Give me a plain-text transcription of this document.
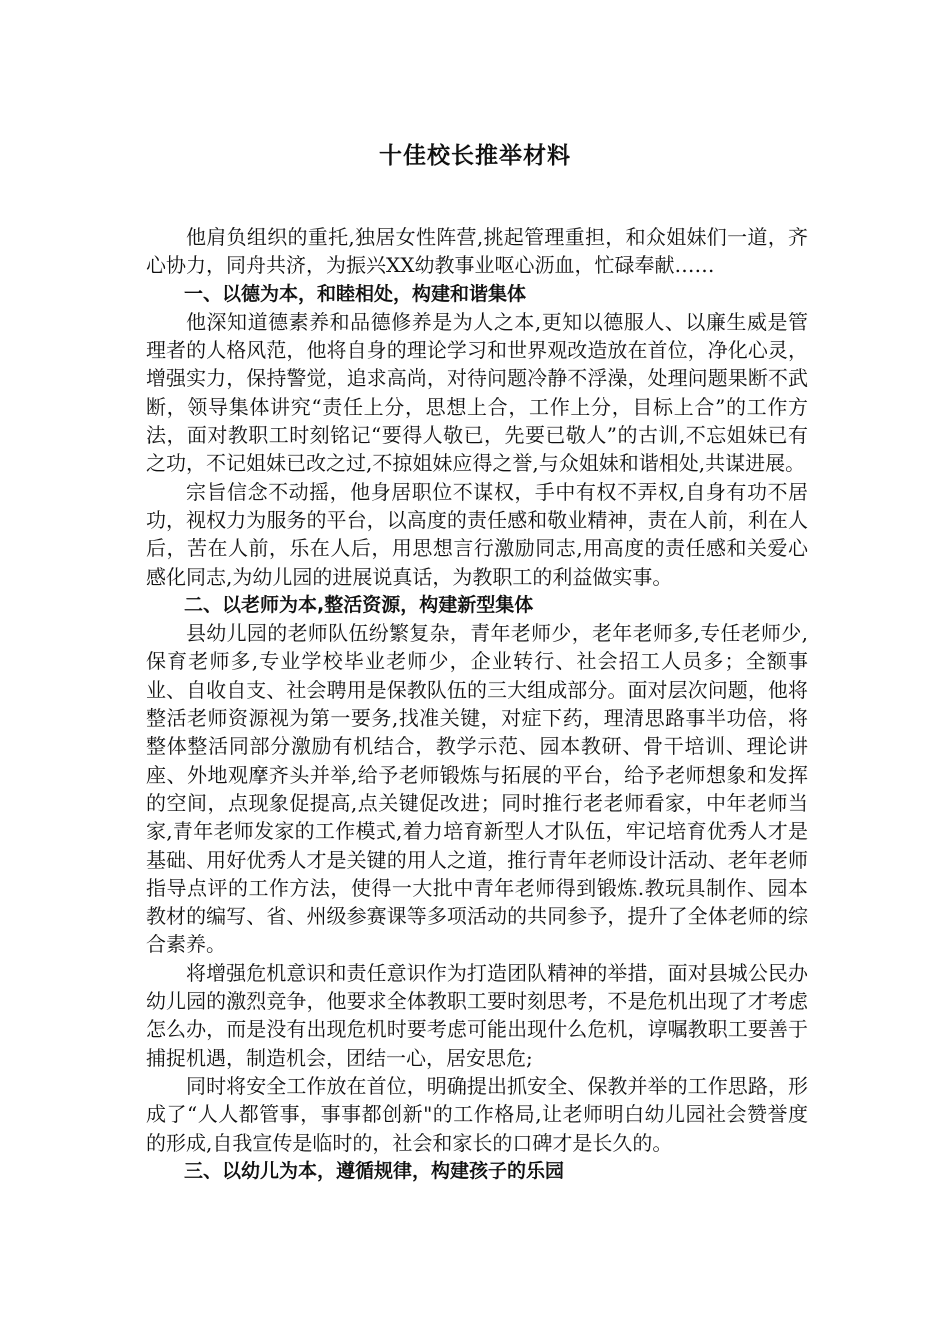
十佳校长推举材料

他肩负组织的重托,独居女性阵营,挑起管理重担，和众姐妹们一道，齐心协力，同舟共济，为振兴XX幼教事业呕心沥血，忙碌奉献……

一、以德为本，和睦相处，构建和谐集体

他深知道德素养和品德修养是为人之本,更知以德服人、以廉生威是管理者的人格风范，他将自身的理论学习和世界观改造放在首位，净化心灵，增强实力，保持警觉，追求高尚，对待问题冷静不浮澡，处理问题果断不武断，领导集体讲究“责任上分，思想上合，工作上分，目标上合”的工作方法，面对教职工时刻铭记“要得人敬已，先要已敬人”的古训,不忘姐妹已有之功，不记姐妹已改之过,不掠姐妹应得之誉,与众姐妹和谐相处,共谋进展。

宗旨信念不动摇，他身居职位不谋权，手中有权不弄权,自身有功不居功，视权力为服务的平台，以高度的责任感和敬业精神，责在人前，利在人后，苦在人前，乐在人后，用思想言行激励同志,用高度的责任感和关爱心感化同志,为幼儿园的进展说真话，为教职工的利益做实事。

二、以老师为本,整活资源，构建新型集体

县幼儿园的老师队伍纷繁复杂，青年老师少，老年老师多,专任老师少,保育老师多,专业学校毕业老师少，企业转行、社会招工人员多；全额事业、自收自支、社会聘用是保教队伍的三大组成部分。面对层次问题，他将整活老师资源视为第一要务,找准关键，对症下药，理清思路事半功倍，将整体整活同部分激励有机结合，教学示范、园本教研、骨干培训、理论讲座、外地观摩齐头并举,给予老师锻炼与拓展的平台，给予老师想象和发挥的空间，点现象促提高,点关键促改进；同时推行老老师看家，中年老师当家,青年老师发家的工作模式,着力培育新型人才队伍，牢记培育优秀人才是基础、用好优秀人才是关键的用人之道，推行青年老师设计活动、老年老师指导点评的工作方法，使得一大批中青年老师得到锻炼.教玩具制作、园本教材的编写、省、州级参赛课等多项活动的共同参予，提升了全体老师的综合素养。

将增强危机意识和责任意识作为打造团队精神的举措，面对县城公民办幼儿园的激烈竞争，他要求全体教职工要时刻思考，不是危机出现了才考虑怎么办，而是没有出现危机时要考虑可能出现什么危机，谆嘱教职工要善于捕捉机遇，制造机会，团结一心，居安思危;

同时将安全工作放在首位，明确提出抓安全、保教并举的工作思路，形成了“人人都管事，事事都创新"的工作格局,让老师明白幼儿园社会赞誉度的形成,自我宣传是临时的，社会和家长的口碑才是长久的。

三、以幼儿为本，遵循规律，构建孩子的乐园
